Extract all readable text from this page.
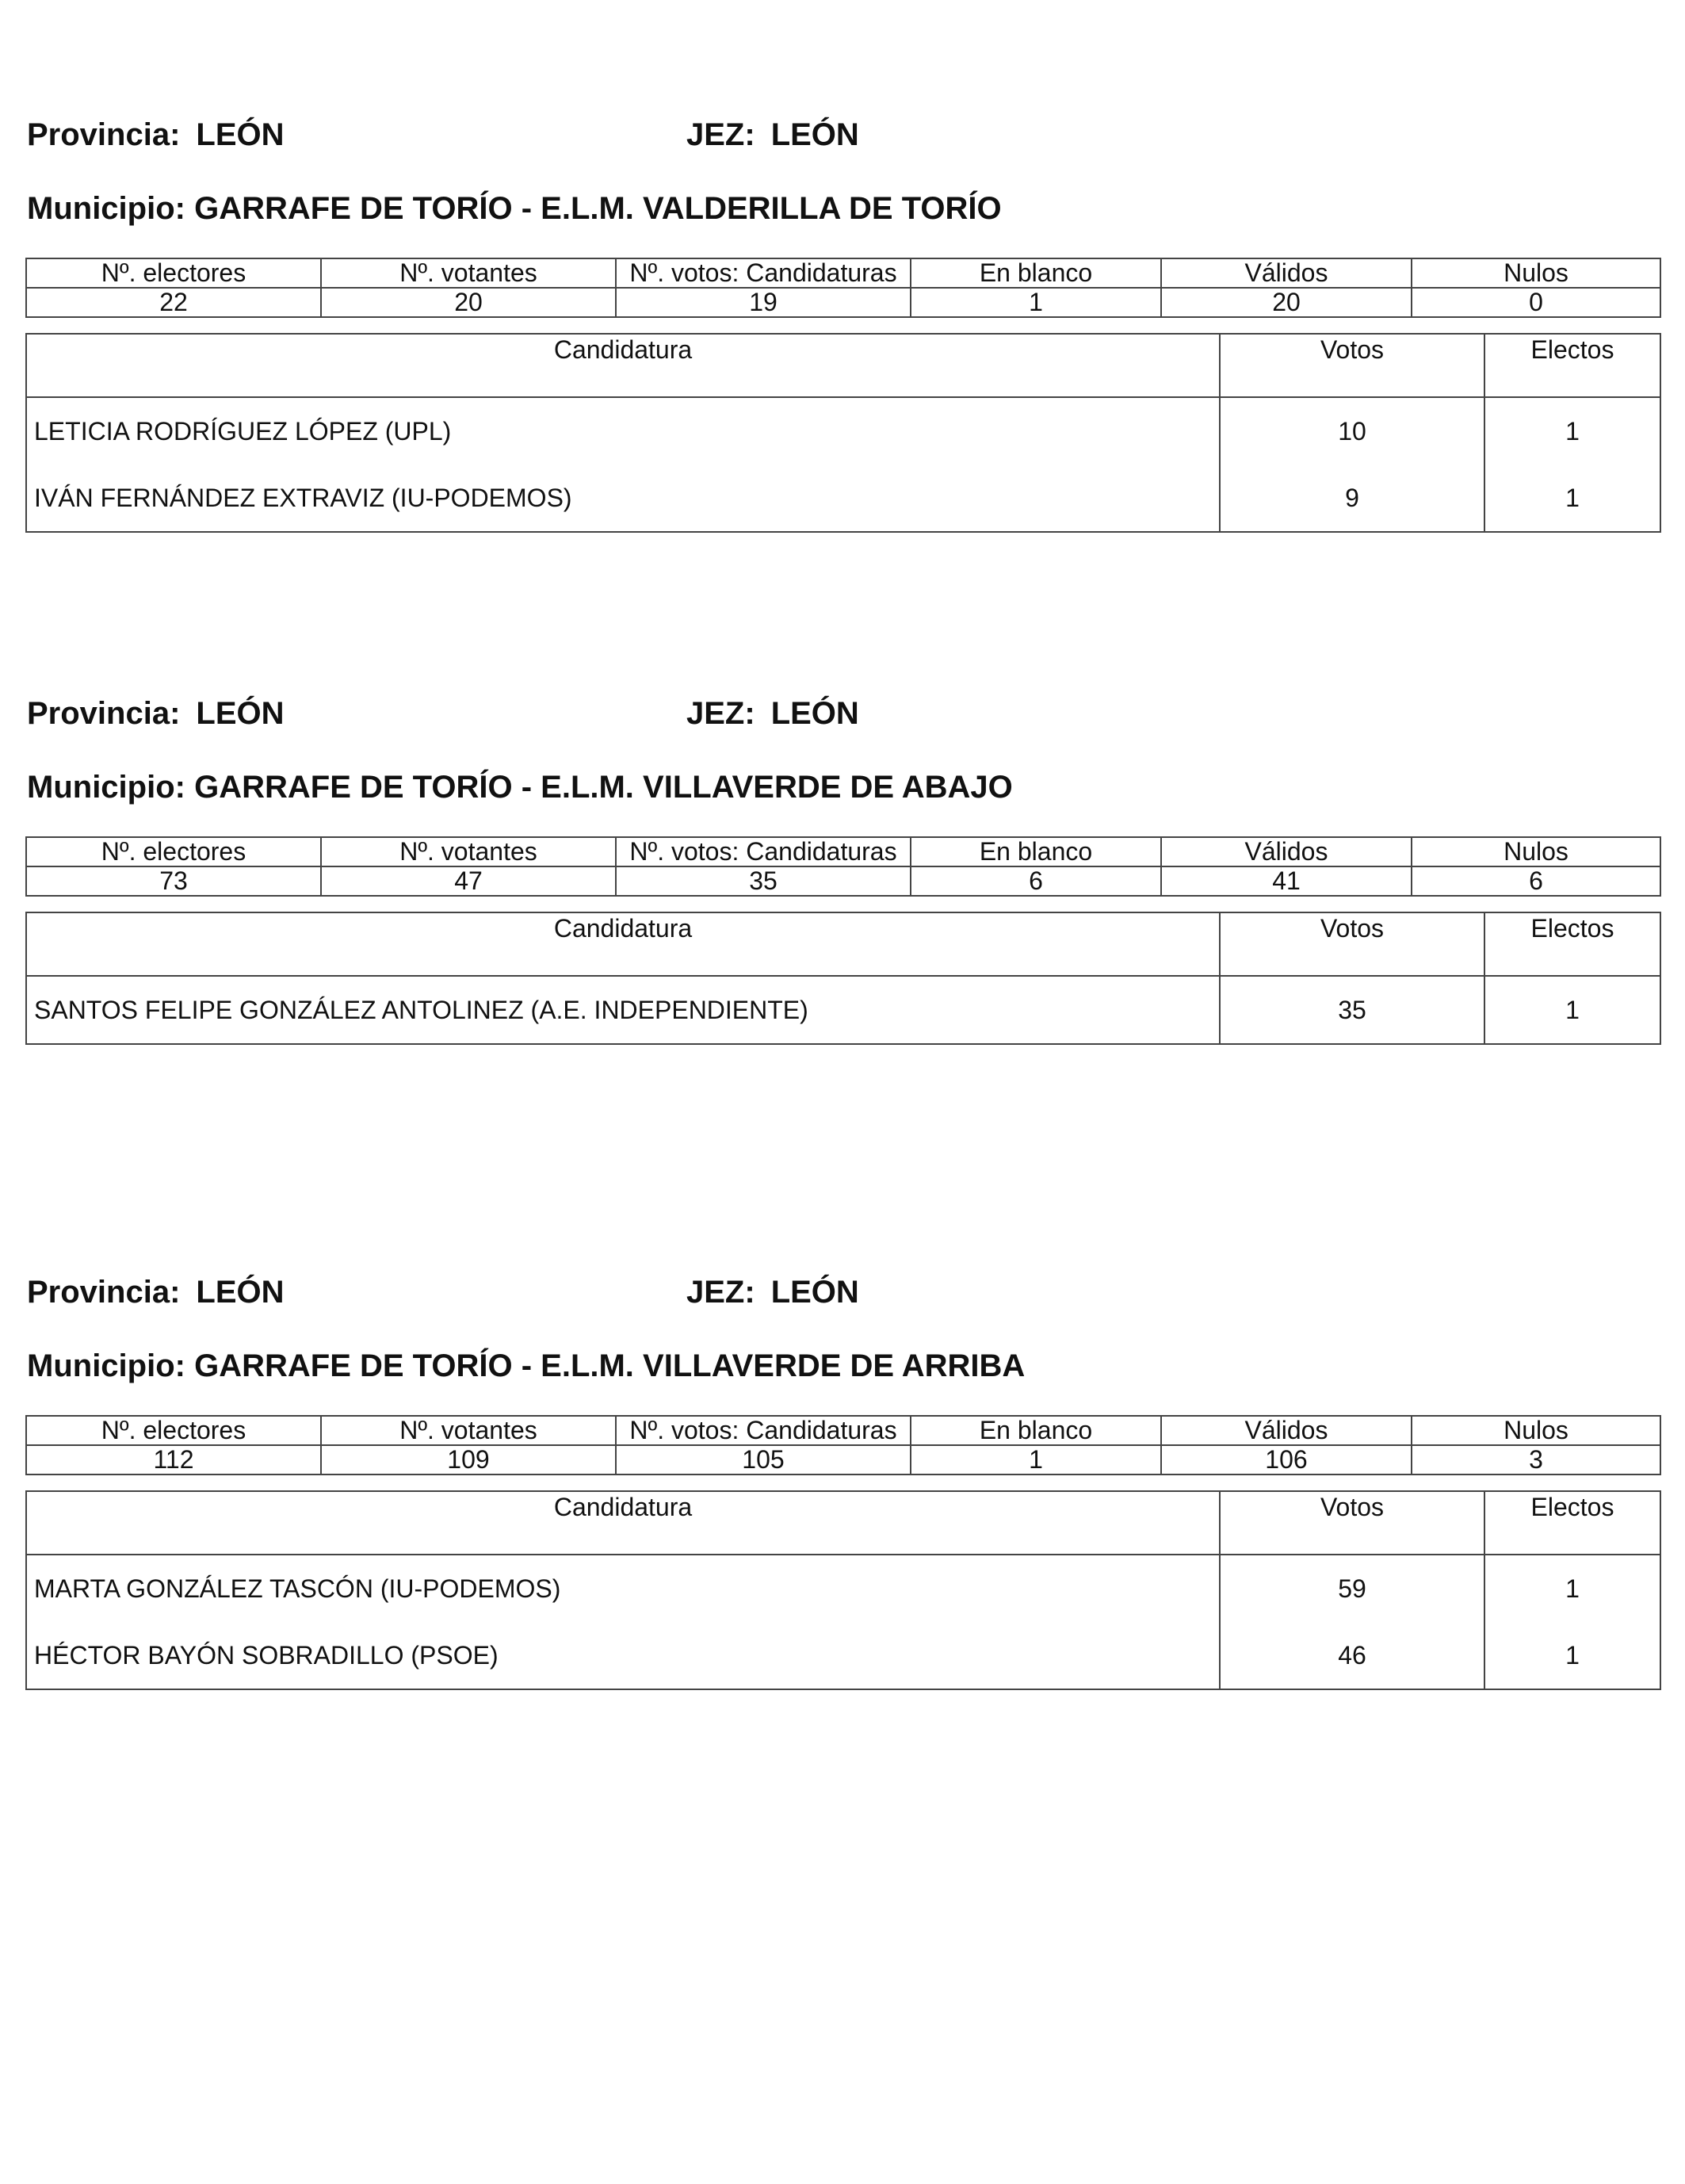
Provincia: LEÓN	JEZ: LEÓN
Municipio: GARRAFE DE TORÍO - E.L.M. VALDERILLA DE TORÍO
Nº. electores	Nº. votantes	Nº. votos: Candidaturas	En blanco	Válidos	Nulos
22	20	19	1	20	0
Candidatura	Votos	Electos
LETICIA RODRÍGUEZ LÓPEZ (UPL)	10	1
IVÁN FERNÁNDEZ EXTRAVIZ (IU-PODEMOS)	9	1
Provincia: LEÓN	JEZ: LEÓN
Municipio: GARRAFE DE TORÍO - E.L.M. VILLAVERDE DE ABAJO
Nº. electores	Nº. votantes	Nº. votos: Candidaturas	En blanco	Válidos	Nulos
73	47	35	6	41	6
Candidatura	Votos	Electos
SANTOS FELIPE GONZÁLEZ ANTOLINEZ (A.E. INDEPENDIENTE)	35	1
Provincia: LEÓN	JEZ: LEÓN
Municipio: GARRAFE DE TORÍO - E.L.M. VILLAVERDE DE ARRIBA
Nº. electores	Nº. votantes	Nº. votos: Candidaturas	En blanco	Válidos	Nulos
112	109	105	1	106	3
Candidatura	Votos	Electos
MARTA GONZÁLEZ TASCÓN (IU-PODEMOS)	59	1
HÉCTOR BAYÓN SOBRADILLO (PSOE)	46	1
